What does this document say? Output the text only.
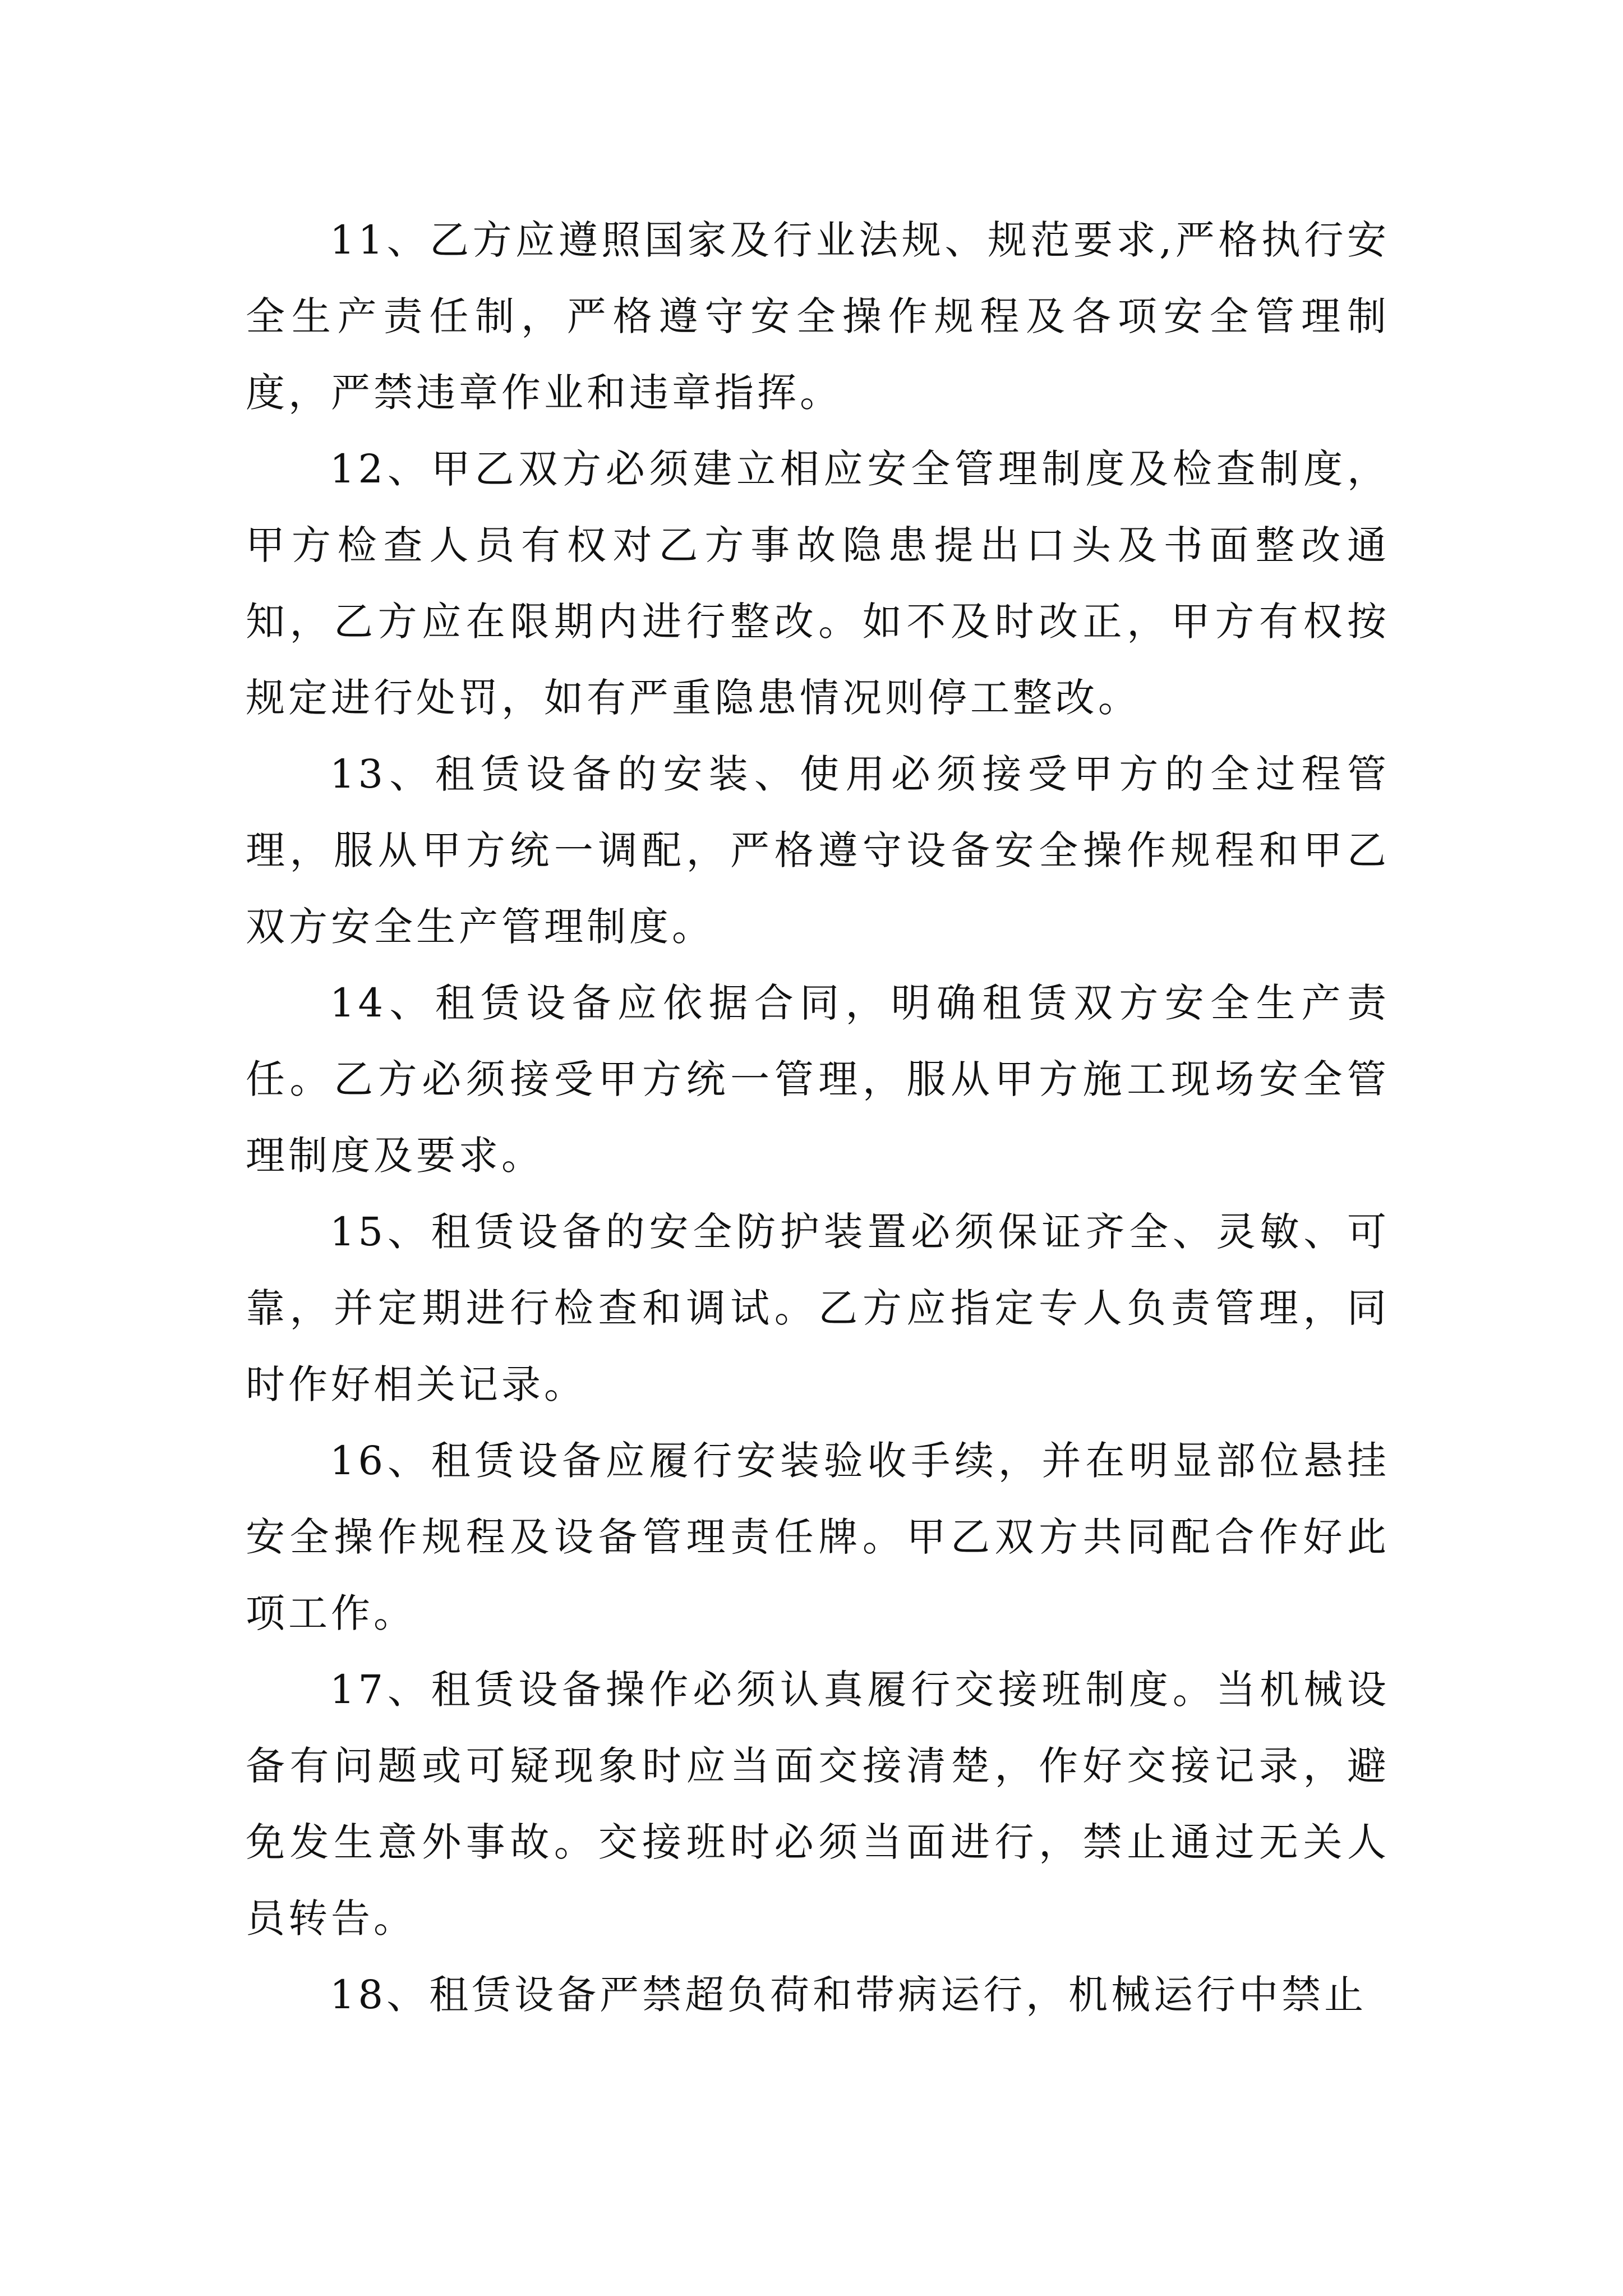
11、乙方应遵照国家及行业法规、规范要求,严格执行安全生产责任制，严格遵守安全操作规程及各项安全管理制度，严禁违章作业和违章指挥。

12、甲乙双方必须建立相应安全管理制度及检查制度，甲方检查人员有权对乙方事故隐患提出口头及书面整改通知，乙方应在限期内进行整改。如不及时改正，甲方有权按规定进行处罚，如有严重隐患情况则停工整改。

13、租赁设备的安装、使用必须接受甲方的全过程管理，服从甲方统一调配，严格遵守设备安全操作规程和甲乙双方安全生产管理制度。

14、租赁设备应依据合同，明确租赁双方安全生产责任。乙方必须接受甲方统一管理，服从甲方施工现场安全管理制度及要求。

15、租赁设备的安全防护装置必须保证齐全、灵敏、可靠，并定期进行检查和调试。乙方应指定专人负责管理，同时作好相关记录。

16、租赁设备应履行安装验收手续，并在明显部位悬挂安全操作规程及设备管理责任牌。甲乙双方共同配合作好此项工作。

17、租赁设备操作必须认真履行交接班制度。当机械设备有问题或可疑现象时应当面交接清楚，作好交接记录，避免发生意外事故。交接班时必须当面进行，禁止通过无关人员转告。

18、租赁设备严禁超负荷和带病运行，机械运行中禁止
